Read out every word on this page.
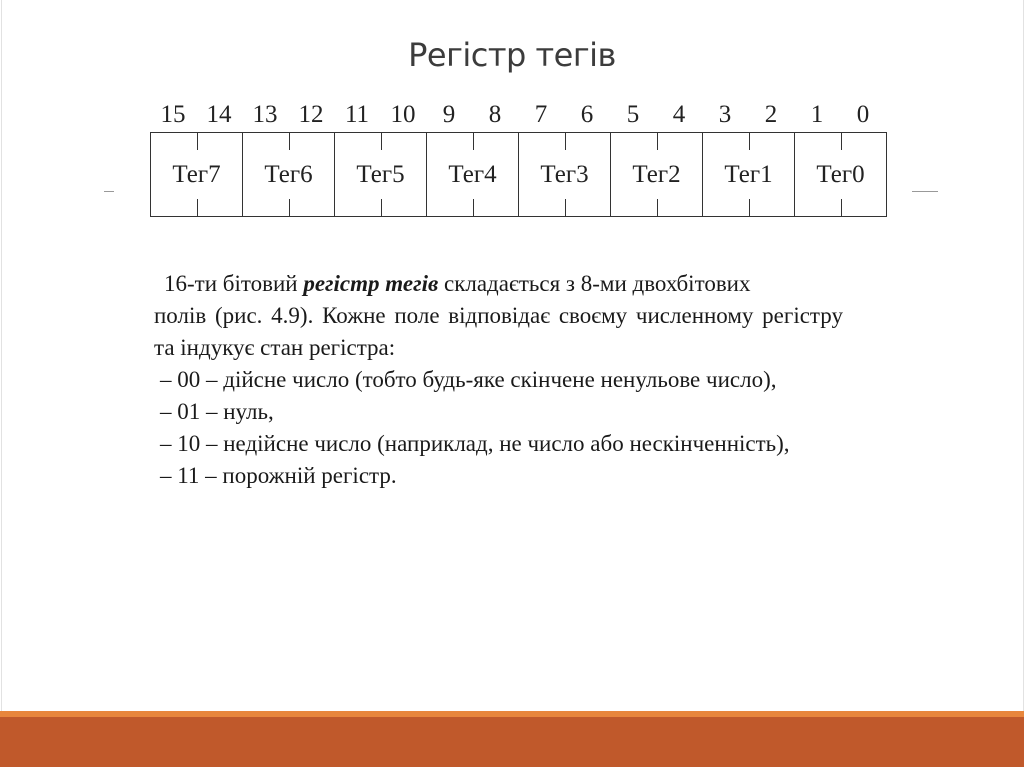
Регістр тегів
15 14 13 12 11 10	9	8	7	6	5	4	3	2	1	0
Тег7 Тег6 Тег5 Тег4 Тег3 Тег2 Тег1 Тег0
16-ти бітовий регістр тегів складається з 8-ми двохбітових
полів (рис. 4.9). Кожне поле відповідає своєму численному регістру
та індукує стан регістра:
– 00 – дійсне число (тобто будь-яке скінчене ненульове число),
– 01 – нуль,
– 10 – недійсне число (наприклад, не число або нескінченність),
– 11 – порожній регістр.
